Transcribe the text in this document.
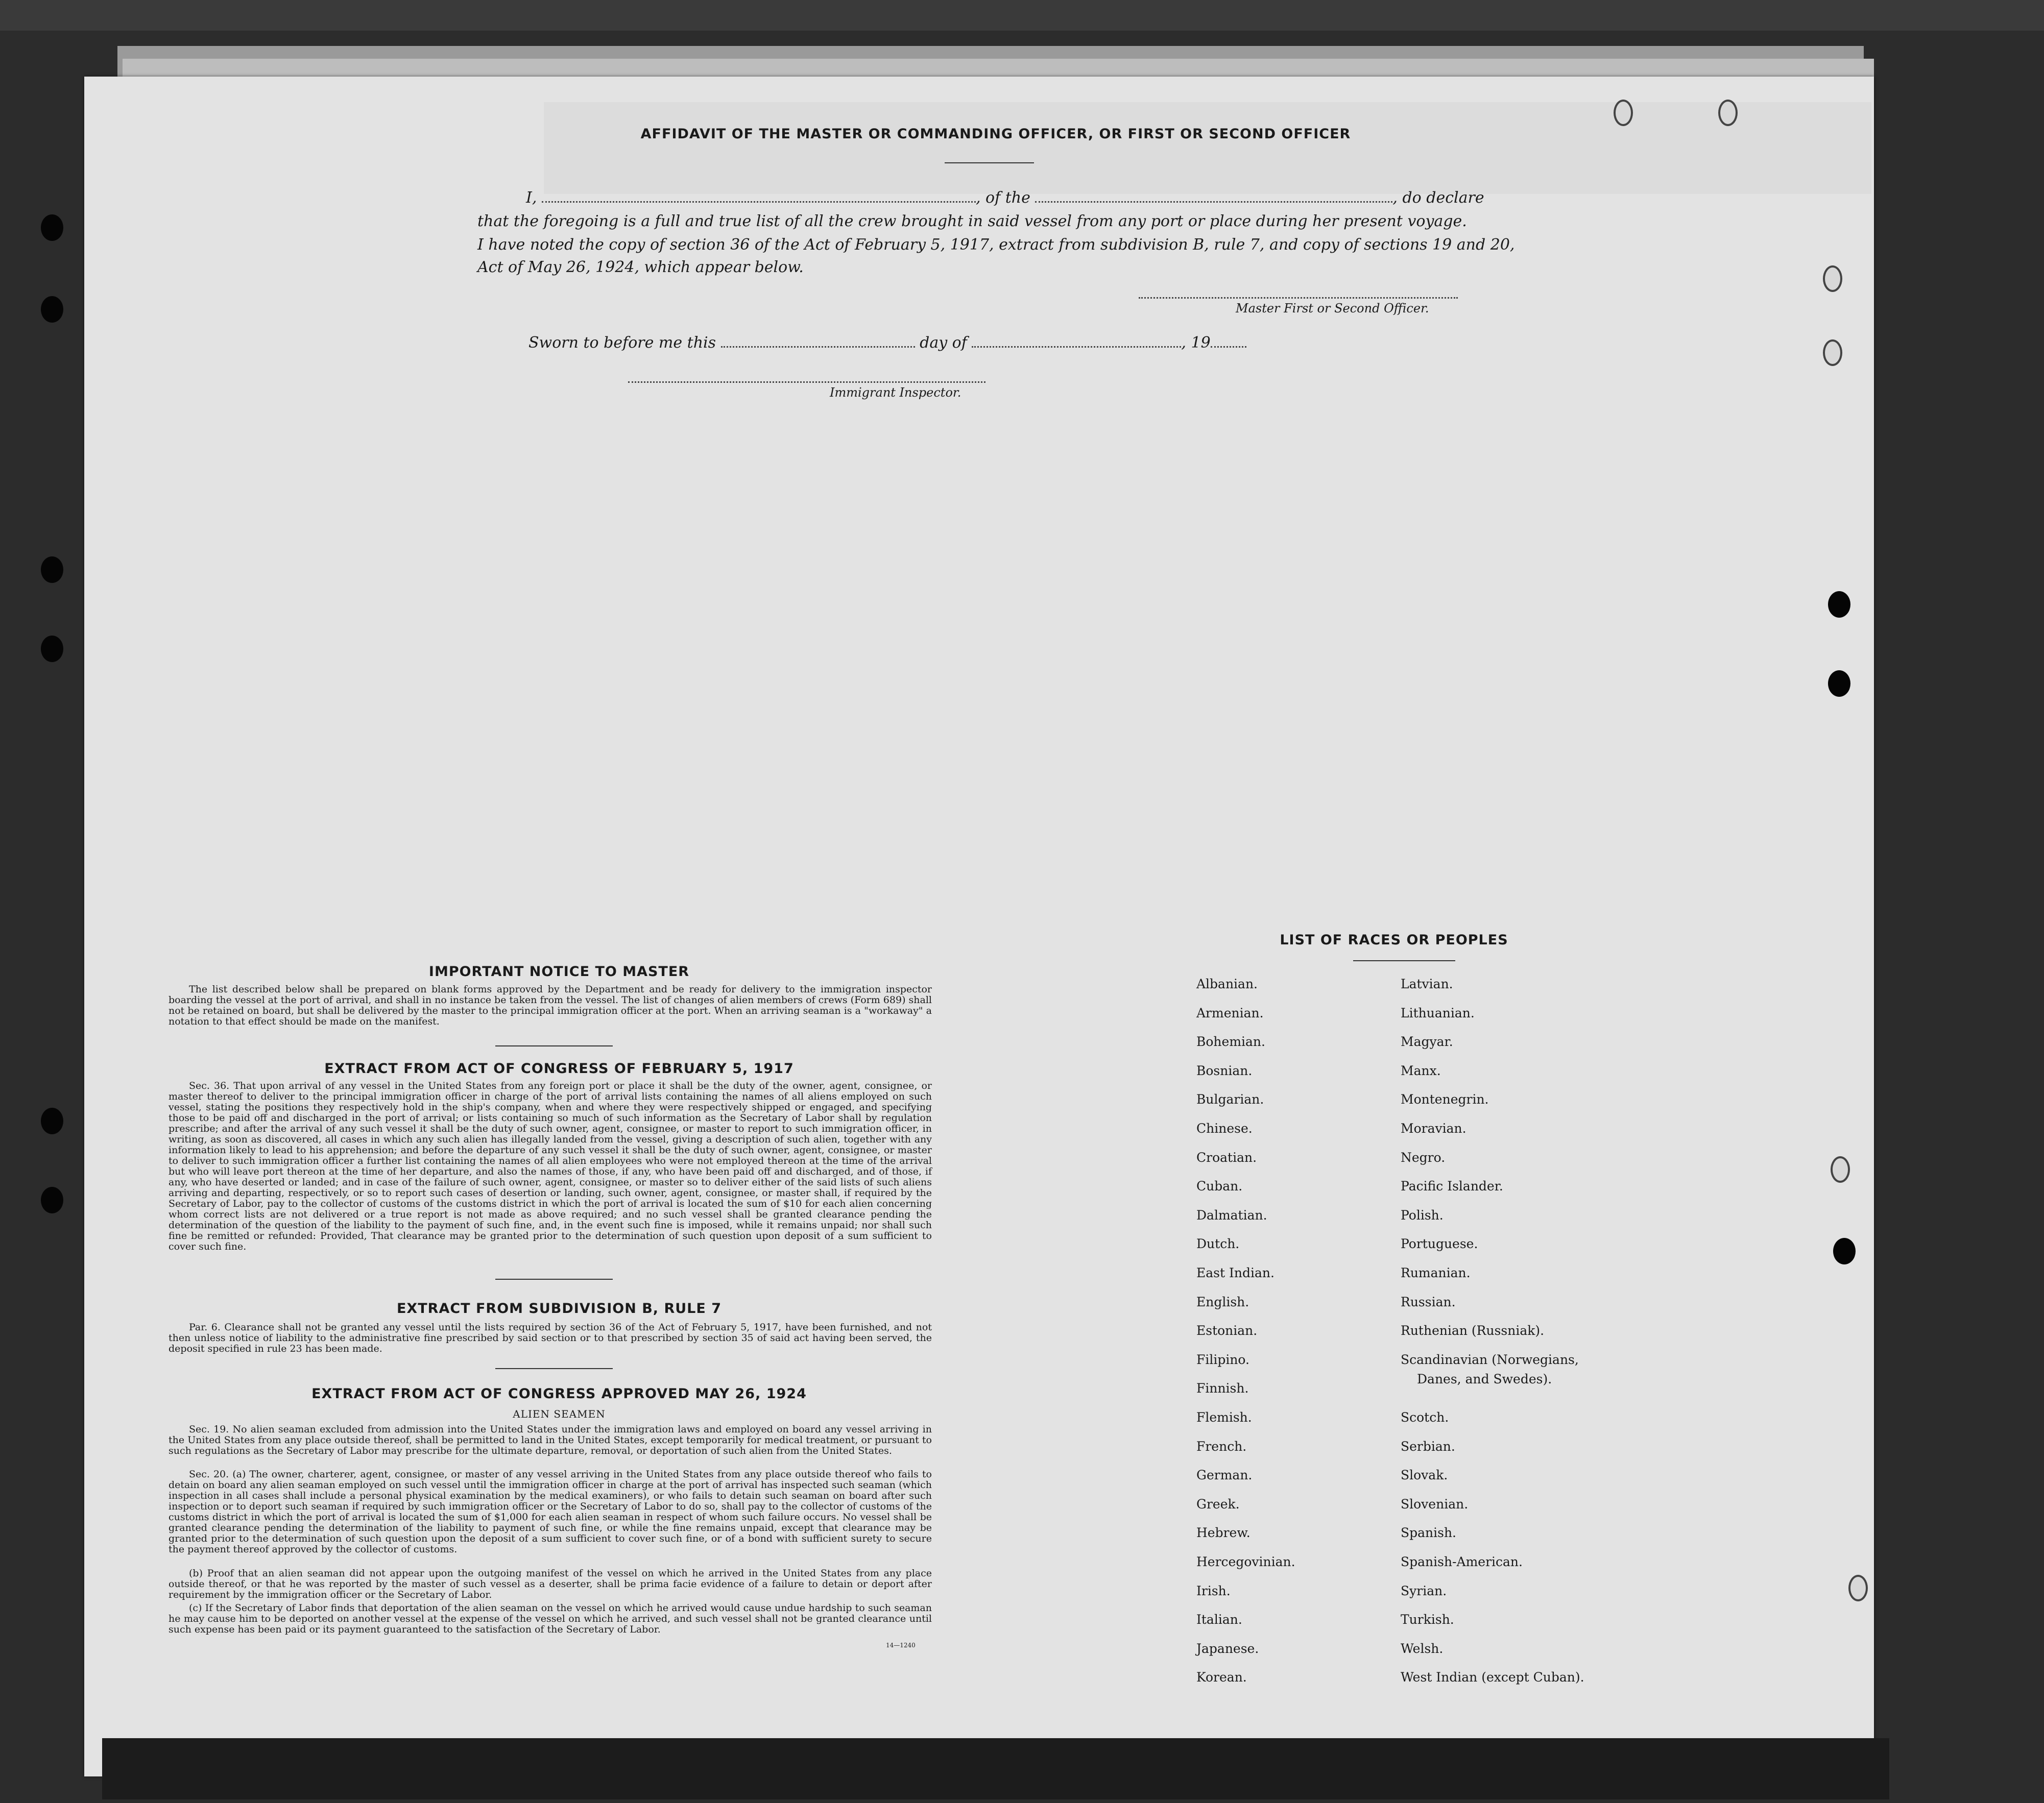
AFFIDAVIT OF THE MASTER OR COMMANDING OFFICER, OR FIRST OR SECOND OFFICER
I,	, of the	, do declare
that the foregoing is a full and true list of all the crew brought in said vessel from any port or place during her present voyage.
I have noted the copy of section 36 of the Act of February 5, 1917, extract from subdivision B, rule 7, and copy of sections 19 and 20,
Act of May 26, 1924, which appear below.
Master First or Second Officer.
Sworn to before me this	day of	, 19
Immigrant Inspector.
IMPORTANT NOTICE TO MASTER

The list described below shall be prepared on blank forms approved by the Department and be ready for delivery to the immigration inspector boarding the vessel at the port of arrival, and shall in no instance be taken from the vessel. The list of changes of alien members of crews (Form 689) shall not be retained on board, but shall be delivered by the master to the principal immigration officer at the port. When an arriving seaman is a "workaway" a notation to that effect should be made on the manifest.

EXTRACT FROM ACT OF CONGRESS OF FEBRUARY 5, 1917

Sec. 36. That upon arrival of any vessel in the United States from any foreign port or place it shall be the duty of the owner, agent, consignee, or master thereof to deliver to the principal immigration officer in charge of the port of arrival lists containing the names of all aliens employed on such vessel, stating the positions they respectively hold in the ship's company, when and where they were respectively shipped or engaged, and specifying those to be paid off and discharged in the port of arrival; or lists containing so much of such information as the Secretary of Labor shall by regulation prescribe; and after the arrival of any such vessel it shall be the duty of such owner, agent, consignee, or master to report to such immigration officer, in writing, as soon as discovered, all cases in which any such alien has illegally landed from the vessel, giving a description of such alien, together with any information likely to lead to his apprehension; and before the departure of any such vessel it shall be the duty of such owner, agent, consignee, or master to deliver to such immigration officer a further list containing the names of all alien employees who were not employed thereon at the time of the arrival but who will leave port thereon at the time of her departure, and also the names of those, if any, who have been paid off and discharged, and of those, if any, who have deserted or landed; and in case of the failure of such owner, agent, consignee, or master so to deliver either of the said lists of such aliens arriving and departing, respectively, or so to report such cases of desertion or landing, such owner, agent, consignee, or master shall, if required by the Secretary of Labor, pay to the collector of customs of the customs district in which the port of arrival is located the sum of $10 for each alien concerning whom correct lists are not delivered or a true report is not made as above required; and no such vessel shall be granted clearance pending the determination of the question of the liability to the payment of such fine, and, in the event such fine is imposed, while it remains unpaid; nor shall such fine be remitted or refunded: Provided, That clearance may be granted prior to the determination of such question upon deposit of a sum sufficient to cover such fine.

EXTRACT FROM SUBDIVISION B, RULE 7

Par. 6. Clearance shall not be granted any vessel until the lists required by section 36 of the Act of February 5, 1917, have been furnished, and not then unless notice of liability to the administrative fine prescribed by said section or to that prescribed by section 35 of said act having been served, the deposit specified in rule 23 has been made.

EXTRACT FROM ACT OF CONGRESS APPROVED MAY 26, 1924
ALIEN SEAMEN

Sec. 19. No alien seaman excluded from admission into the United States under the immigration laws and employed on board any vessel arriving in the United States from any place outside thereof, shall be permitted to land in the United States, except temporarily for medical treatment, or pursuant to such regulations as the Secretary of Labor may prescribe for the ultimate departure, removal, or deportation of such alien from the United States.

Sec. 20. (a) The owner, charterer, agent, consignee, or master of any vessel arriving in the United States from any place outside thereof who fails to detain on board any alien seaman employed on such vessel until the immigration officer in charge at the port of arrival has inspected such seaman (which inspection in all cases shall include a personal physical examination by the medical examiners), or who fails to detain such seaman on board after such inspection or to deport such seaman if required by such immigration officer or the Secretary of Labor to do so, shall pay to the collector of customs of the customs district in which the port of arrival is located the sum of $1,000 for each alien seaman in respect of whom such failure occurs. No vessel shall be granted clearance pending the determination of the liability to payment of such fine, or while the fine remains unpaid, except that clearance may be granted prior to the determination of such question upon the deposit of a sum sufficient to cover such fine, or of a bond with sufficient surety to secure the payment thereof approved by the collector of customs.

(b) Proof that an alien seaman did not appear upon the outgoing manifest of the vessel on which he arrived in the United States from any place outside thereof, or that he was reported by the master of such vessel as a deserter, shall be prima facie evidence of a failure to detain or deport after requirement by the immigration officer or the Secretary of Labor.

(c) If the Secretary of Labor finds that deportation of the alien seaman on the vessel on which he arrived would cause undue hardship to such seaman he may cause him to be deported on another vessel at the expense of the vessel on which he arrived, and such vessel shall not be granted clearance until such expense has been paid or its payment guaranteed to the satisfaction of the Secretary of Labor.

14—1240
LIST OF RACES OR PEOPLES
Albanian.
Armenian.
Bohemian.
Bosnian.
Bulgarian.
Chinese.
Croatian.
Cuban.
Dalmatian.
Dutch.
East Indian.
English.
Estonian.
Filipino.
Finnish.
Flemish.
French.
German.
Greek.
Hebrew.
Hercegovinian.
Irish.
Italian.
Japanese.
Korean.
Latvian.
Lithuanian.
Magyar.
Manx.
Montenegrin.
Moravian.
Negro.
Pacific Islander.
Polish.
Portuguese.
Rumanian.
Russian.
Ruthenian (Russniak).
Scandinavian (Norwegians,
Scotch.
Serbian.
Slovak.
Slovenian.
Spanish.
Spanish-American.
Syrian.
Turkish.
Welsh.
West Indian (except Cuban).
Danes, and Swedes).
